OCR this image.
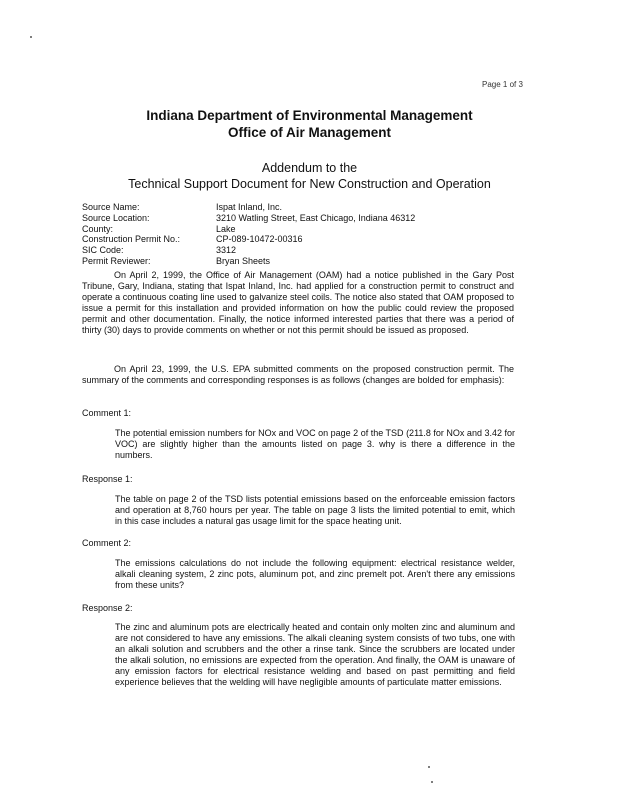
Page 1 of 3
Indiana Department of Environmental Management
Office of Air Management
Addendum to the
Technical Support Document for New Construction and Operation
Source Name:	Ispat Inland, Inc.
Source Location:	3210 Watling Street, East Chicago, Indiana 46312
County:	Lake
Construction Permit No.:	CP-089-10472-00316
SIC Code:	3312
Permit Reviewer:	Bryan Sheets

On April 2, 1999, the Office of Air Management (OAM) had a notice published in the Gary Post Tribune, Gary, Indiana, stating that Ispat Inland, Inc. had applied for a construction permit to construct and operate a continuous coating line used to galvanize steel coils. The notice also stated that OAM proposed to issue a permit for this installation and provided information on how the public could review the proposed permit and other documentation. Finally, the notice informed interested parties that there was a period of thirty (30) days to provide comments on whether or not this permit should be issued as proposed.

On April 23, 1999, the U.S. EPA submitted comments on the proposed construction permit. The summary of the comments and corresponding responses is as follows (changes are bolded for emphasis):

Comment 1:

The potential emission numbers for NOx and VOC on page 2 of the TSD (211.8 for NOx and 3.42 for VOC) are slightly higher than the amounts listed on page 3. why is there a difference in the numbers.

Response 1:

The table on page 2 of the TSD lists potential emissions based on the enforceable emission factors and operation at 8,760 hours per year. The table on page 3 lists the limited potential to emit, which in this case includes a natural gas usage limit for the space heating unit.

Comment 2:

The emissions calculations do not include the following equipment: electrical resistance welder, alkali cleaning system, 2 zinc pots, aluminum pot, and zinc premelt pot. Aren't there any emissions from these units?

Response 2:

The zinc and aluminum pots are electrically heated and contain only molten zinc and aluminum and are not considered to have any emissions. The alkali cleaning system consists of two tubs, one with an alkali solution and scrubbers and the other a rinse tank. Since the scrubbers are located under the alkali solution, no emissions are expected from the operation. And finally, the OAM is unaware of any emission factors for electrical resistance welding and based on past permitting and field experience believes that the welding will have negligible amounts of particulate matter emissions.
